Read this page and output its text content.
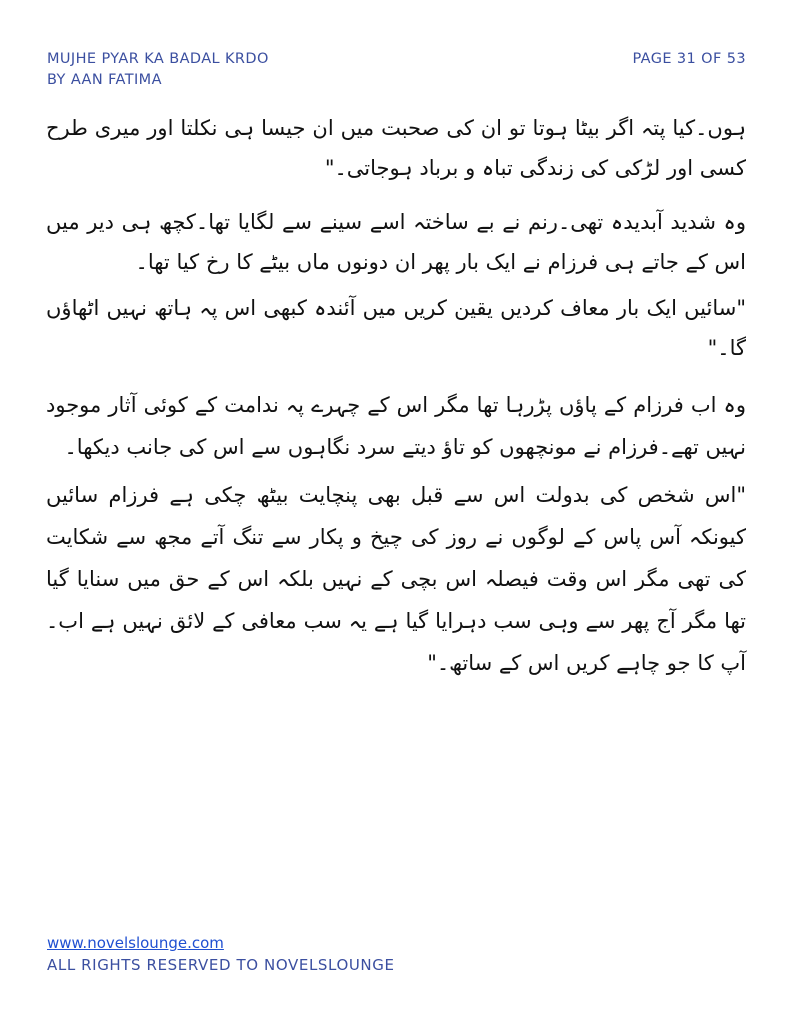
MUJHE PYAR KA BADAL KRDO
BY AAN FATIMA
PAGE 31 OF 53

ہوں۔کیا پتہ اگر بیٹا ہوتا تو ان کی صحبت میں ان جیسا ہی نکلتا اور میری طرح کسی اور لڑکی کی زندگی تباہ و برباد ہوجاتی۔"

وہ شدید آبدیدہ تھی۔رنم نے بے ساختہ اسے سینے سے لگایا تھا۔کچھ ہی دیر میں اس کے جاتے ہی فرزام نے ایک بار پھر ان دونوں ماں بیٹے کا رخ کیا تھا۔

"سائیں ایک بار معاف کردیں یقین کریں میں آئندہ کبھی اس پہ ہاتھ نہیں اٹھاؤں گا۔"

وہ اب فرزام کے پاؤں پڑرہا تھا مگر اس کے چہرے پہ ندامت کے کوئی آثار موجود نہیں تھے۔فرزام نے مونچھوں کو تاؤ دیتے سرد نگاہوں سے اس کی جانب دیکھا۔

"اس شخص کی بدولت اس سے قبل بھی پنچایت بیٹھ چکی ہے فرزام سائیں کیونکہ آس پاس کے لوگوں نے روز کی چیخ و پکار سے تنگ آتے مجھ سے شکایت کی تھی مگر اس وقت فیصلہ اس بچی کے نہیں بلکہ اس کے حق میں سنایا گیا تھا مگر آج پھر سے وہی سب دہرایا گیا ہے یہ سب معافی کے لائق نہیں ہے اب۔آپ کا جو چاہے کریں اس کے ساتھ۔"

www.novelslounge.com
ALL RIGHTS RESERVED TO NOVELSLOUNGE
